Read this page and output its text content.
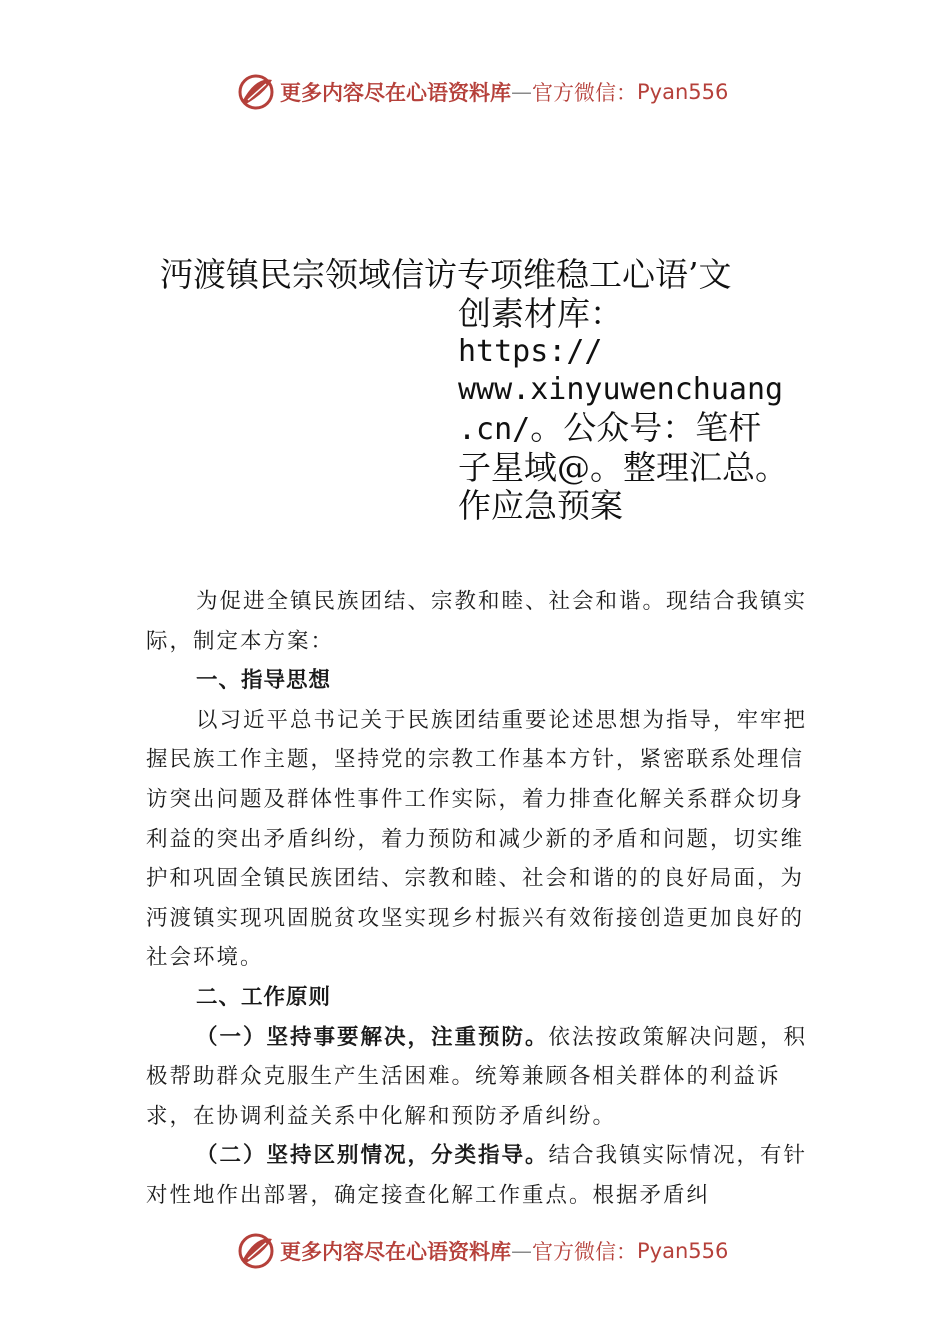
更多内容尽在心语资料库 — 官方微信： Pyan556
沔渡镇民宗领域信访专项维稳工心语’文
创素材库：
https://
www.xinyuwenchuang
.cn/。公众号：笔杆
子星域@。整理汇总。
作应急预案

为促进全镇民族团结、宗教和睦、社会和谐。现结合我镇实际，制定本方案：

一、指导思想

以习近平总书记关于民族团结重要论述思想为指导，牢牢把握民族工作主题，坚持党的宗教工作基本方针，紧密联系处理信访突出问题及群体性事件工作实际，着力排查化解关系群众切身利益的突出矛盾纠纷，着力预防和减少新的矛盾和问题，切实维护和巩固全镇民族团结、宗教和睦、社会和谐的的良好局面，为沔渡镇实现巩固脱贫攻坚实现乡村振兴有效衔接创造更加良好的社会环境。

二、工作原则

（一）坚持事要解决，注重预防。依法按政策解决问题，积极帮助群众克服生产生活困难。统筹兼顾各相关群体的利益诉求，在协调利益关系中化解和预防矛盾纠纷。

（二）坚持区别情况，分类指导。结合我镇实际情况，有针对性地作出部署，确定接查化解工作重点。根据矛盾纠

更多内容尽在心语资料库 — 官方微信： Pyan556
